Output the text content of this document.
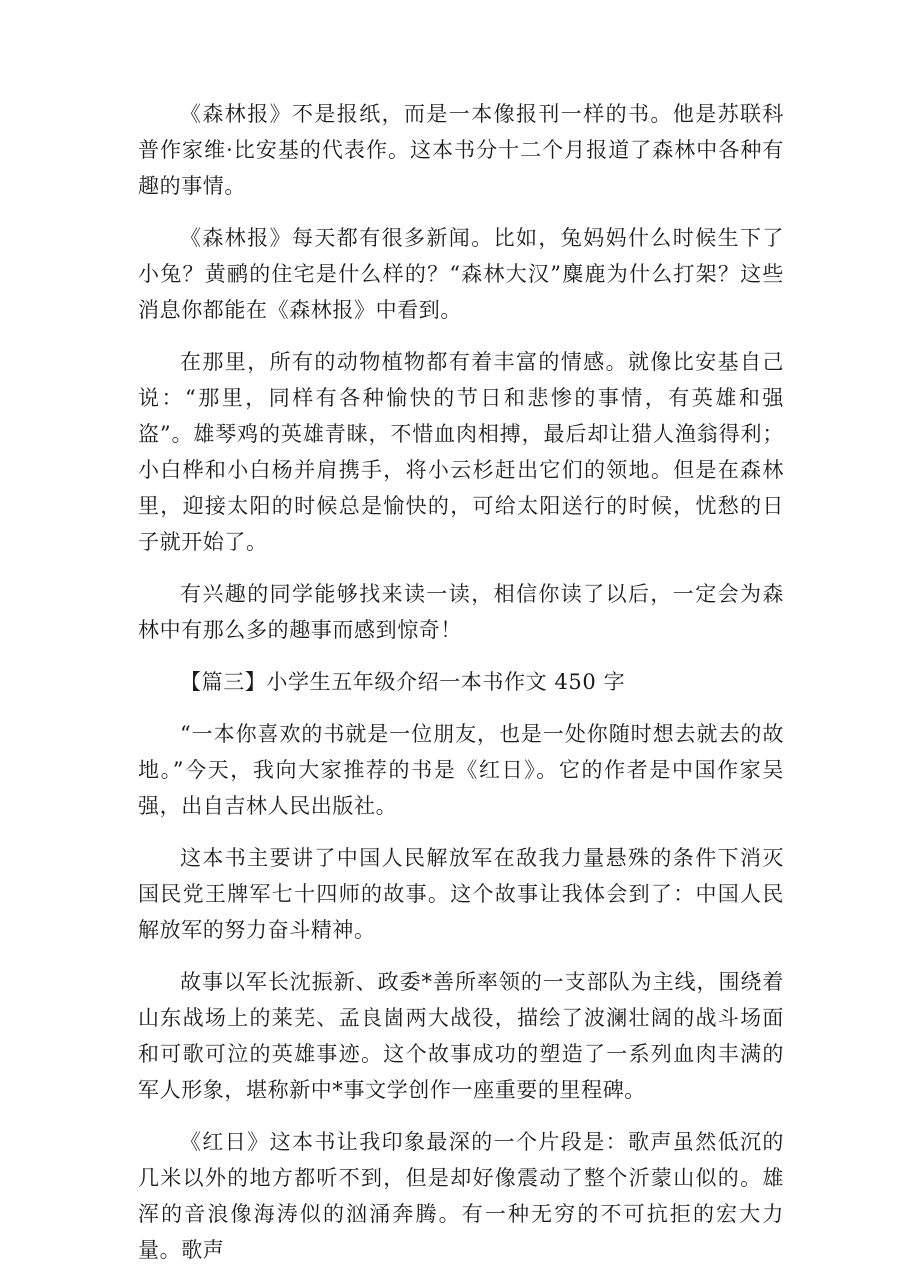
《森林报》不是报纸，而是一本像报刊一样的书。他是苏联科普作家维·比安基的代表作。这本书分十二个月报道了森林中各种有趣的事情。

《森林报》每天都有很多新闻。比如，兔妈妈什么时候生下了小兔？黄鹂的住宅是什么样的？“森林大汉”麋鹿为什么打架？这些消息你都能在《森林报》中看到。

在那里，所有的动物植物都有着丰富的情感。就像比安基自己说：“那里，同样有各种愉快的节日和悲惨的事情，有英雄和强盗”。雄琴鸡的英雄青睐，不惜血肉相搏，最后却让猎人渔翁得利；小白桦和小白杨并肩携手，将小云杉赶出它们的领地。但是在森林里，迎接太阳的时候总是愉快的，可给太阳送行的时候，忧愁的日子就开始了。

有兴趣的同学能够找来读一读，相信你读了以后，一定会为森林中有那么多的趣事而感到惊奇！

【篇三】小学生五年级介绍一本书作文 450 字

“一本你喜欢的书就是一位朋友，也是一处你随时想去就去的故地。”今天，我向大家推荐的书是《红日》。它的作者是中国作家吴强，出自吉林人民出版社。

这本书主要讲了中国人民解放军在敌我力量悬殊的条件下消灭国民党王牌军七十四师的故事。这个故事让我体会到了：中国人民解放军的努力奋斗精神。

故事以军长沈振新、政委*善所率领的一支部队为主线，围绕着山东战场上的莱芜、孟良崮两大战役，描绘了波澜壮阔的战斗场面和可歌可泣的英雄事迹。这个故事成功的塑造了一系列血肉丰满的军人形象，堪称新中*事文学创作一座重要的里程碑。

《红日》这本书让我印象最深的一个片段是：歌声虽然低沉的几米以外的地方都听不到，但是却好像震动了整个沂蒙山似的。雄浑的音浪像海涛似的汹涌奔腾。有一种无穷的不可抗拒的宏大力量。歌声
